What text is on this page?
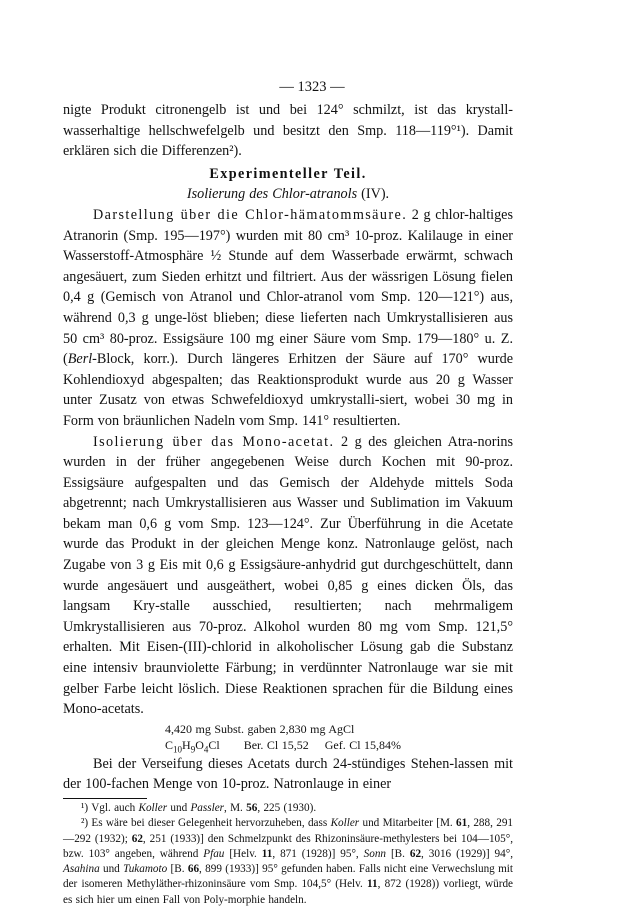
— 1323 —

nigte Produkt citronengelb ist und bei 124° schmilzt, ist das krystall-wasserhaltige hellschwefelgelb und besitzt den Smp. 118—119°¹). Damit erklären sich die Differenzen²).

Experimenteller Teil.

Isolierung des Chlor-atranols (IV).

Darstellung über die Chlor-hämatommsäure. 2 g chlor-haltiges Atranorin (Smp. 195—197°) wurden mit 80 cm³ 10-proz. Kalilauge in einer Wasserstoff-Atmosphäre ½ Stunde auf dem Wasserbade erwärmt, schwach angesäuert, zum Sieden erhitzt und filtriert. Aus der wässrigen Lösung fielen 0,4 g (Gemisch von Atranol und Chlor-atranol vom Smp. 120—121°) aus, während 0,3 g unge-löst blieben; diese lieferten nach Umkrystallisieren aus 50 cm³ 80-proz. Essigsäure 100 mg einer Säure vom Smp. 179—180° u. Z. (Berl-Block, korr.). Durch längeres Erhitzen der Säure auf 170° wurde Kohlendioxyd abgespalten; das Reaktionsprodukt wurde aus 20 g Wasser unter Zusatz von etwas Schwefeldioxyd umkrystalli-siert, wobei 30 mg in Form von bräunlichen Nadeln vom Smp. 141° resultierten.

Isolierung über das Mono-acetat. 2 g des gleichen Atra-norins wurden in der früher angegebenen Weise durch Kochen mit 90-proz. Essigsäure aufgespalten und das Gemisch der Aldehyde mittels Soda abgetrennt; nach Umkrystallisieren aus Wasser und Sublimation im Vakuum bekam man 0,6 g vom Smp. 123—124°. Zur Überführung in die Acetate wurde das Produkt in der gleichen Menge konz. Natronlauge gelöst, nach Zugabe von 3 g Eis mit 0,6 g Essigsäure-anhydrid gut durchgeschüttelt, dann wurde angesäuert und ausgeäthert, wobei 0,85 g eines dicken Öls, das langsam Kry-stalle ausschied, resultierten; nach mehrmaligem Umkrystallisieren aus 70-proz. Alkohol wurden 80 mg vom Smp. 121,5° erhalten. Mit Eisen-(III)-chlorid in alkoholischer Lösung gab die Substanz eine intensiv braunviolette Färbung; in verdünnter Natronlauge war sie mit gelber Farbe leicht löslich. Diese Reaktionen sprachen für die Bildung eines Mono-acetats.

4,420 mg Subst. gaben 2,830 mg AgCl
$C_{10}H_9O_4Cl$ Ber. Cl 15,52 Gef. Cl 15,84%

Bei der Verseifung dieses Acetats durch 24-stündiges Stehen-lassen mit der 100-fachen Menge von 10-proz. Natronlauge in einer

¹) Vgl. auch Koller und Passler, M. 56, 225 (1930).

²) Es wäre bei dieser Gelegenheit hervorzuheben, dass Koller und Mitarbeiter [M. 61, 288, 291—292 (1932); 62, 251 (1933)] den Schmelzpunkt des Rhizoninsäure-methylesters bei 104—105°, bzw. 103° angeben, während Pfau [Helv. 11, 871 (1928)] 95°, Sonn [B. 62, 3016 (1929)] 94°, Asahina und Tukamoto [B. 66, 899 (1933)] 95° gefunden haben. Falls nicht eine Verwechslung mit der isomeren Methyläther-rhizoninsäure vom Smp. 104,5° (Helv. 11, 872 (1928)) vorliegt, würde es sich hier um einen Fall von Poly-morphie handeln.
